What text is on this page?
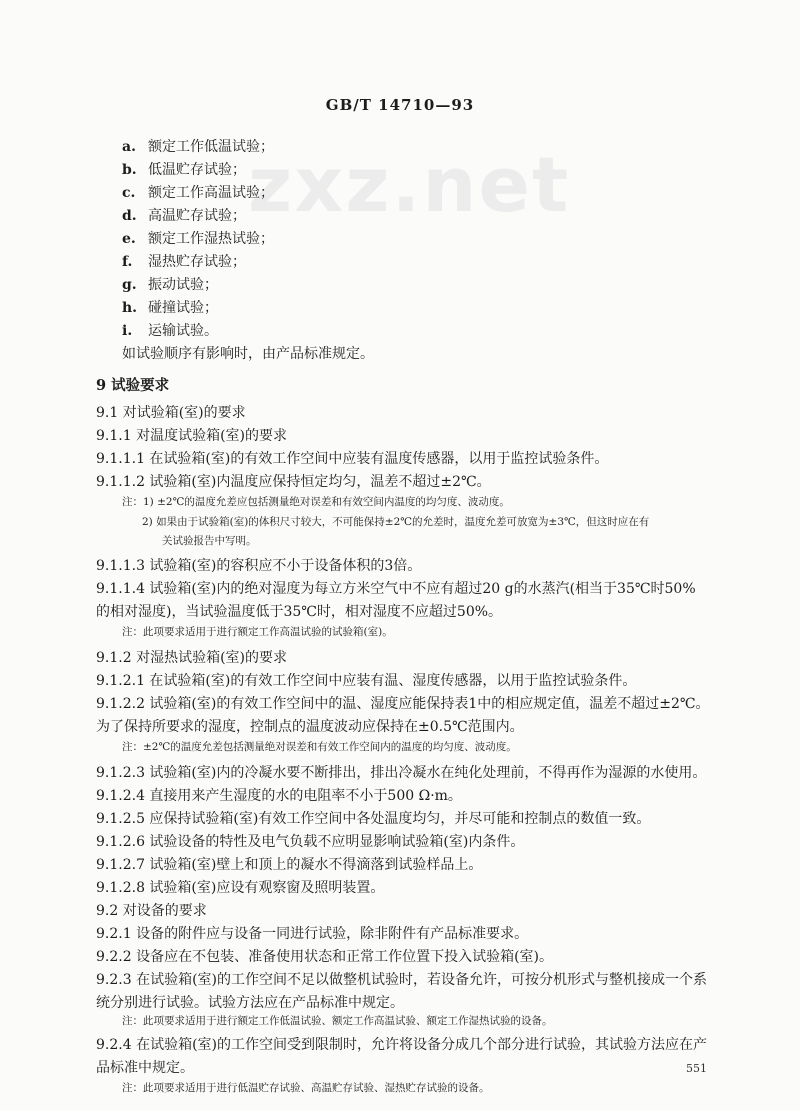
zxz.net
GB/T 14710—93
a. 额定工作低温试验；
b. 低温贮存试验；
c. 额定工作高温试验；
d. 高温贮存试验；
e. 额定工作湿热试验；
f. 湿热贮存试验；
g. 振动试验；
h. 碰撞试验；
i. 运输试验。
如试验顺序有影响时，由产品标准规定。
9 试验要求
9.1 对试验箱(室)的要求
9.1.1 对温度试验箱(室)的要求
9.1.1.1 在试验箱(室)的有效工作空间中应装有温度传感器，以用于监控试验条件。
9.1.1.2 试验箱(室)内温度应保持恒定均匀，温差不超过±2℃。
注：1) ±2℃的温度允差应包括测量绝对误差和有效空间内温度的均匀度、波动度。
2) 如果由于试验箱(室)的体积尺寸较大，不可能保持±2℃的允差时，温度允差可放宽为±3℃，但这时应在有
关试验报告中写明。
9.1.1.3 试验箱(室)的容积应不小于设备体积的3倍。
9.1.1.4 试验箱(室)内的绝对湿度为每立方米空气中不应有超过20 g的水蒸汽(相当于35℃时50%
的相对湿度)，当试验温度低于35℃时，相对湿度不应超过50%。
注：此项要求适用于进行额定工作高温试验的试验箱(室)。
9.1.2 对湿热试验箱(室)的要求
9.1.2.1 在试验箱(室)的有效工作空间中应装有温、湿度传感器，以用于监控试验条件。
9.1.2.2 试验箱(室)的有效工作空间中的温、湿度应能保持表1中的相应规定值，温差不超过±2℃。
为了保持所要求的湿度，控制点的温度波动应保持在±0.5℃范围内。
注：±2℃的温度允差包括测量绝对误差和有效工作空间内的温度的均匀度、波动度。
9.1.2.3 试验箱(室)内的冷凝水要不断排出，排出冷凝水在纯化处理前，不得再作为湿源的水使用。
9.1.2.4 直接用来产生湿度的水的电阻率不小于500 Ω·m。
9.1.2.5 应保持试验箱(室)有效工作空间中各处温度均匀，并尽可能和控制点的数值一致。
9.1.2.6 试验设备的特性及电气负载不应明显影响试验箱(室)内条件。
9.1.2.7 试验箱(室)壁上和顶上的凝水不得滴落到试验样品上。
9.1.2.8 试验箱(室)应设有观察窗及照明装置。
9.2 对设备的要求
9.2.1 设备的附件应与设备一同进行试验，除非附件有产品标准要求。
9.2.2 设备应在不包装、准备使用状态和正常工作位置下投入试验箱(室)。
9.2.3 在试验箱(室)的工作空间不足以做整机试验时，若设备允许，可按分机形式与整机接成一个系
统分别进行试验。试验方法应在产品标准中规定。
注：此项要求适用于进行额定工作低温试验、额定工作高温试验、额定工作湿热试验的设备。
9.2.4 在试验箱(室)的工作空间受到限制时，允许将设备分成几个部分进行试验，其试验方法应在产
品标准中规定。
注：此项要求适用于进行低温贮存试验、高温贮存试验、湿热贮存试验的设备。
551
